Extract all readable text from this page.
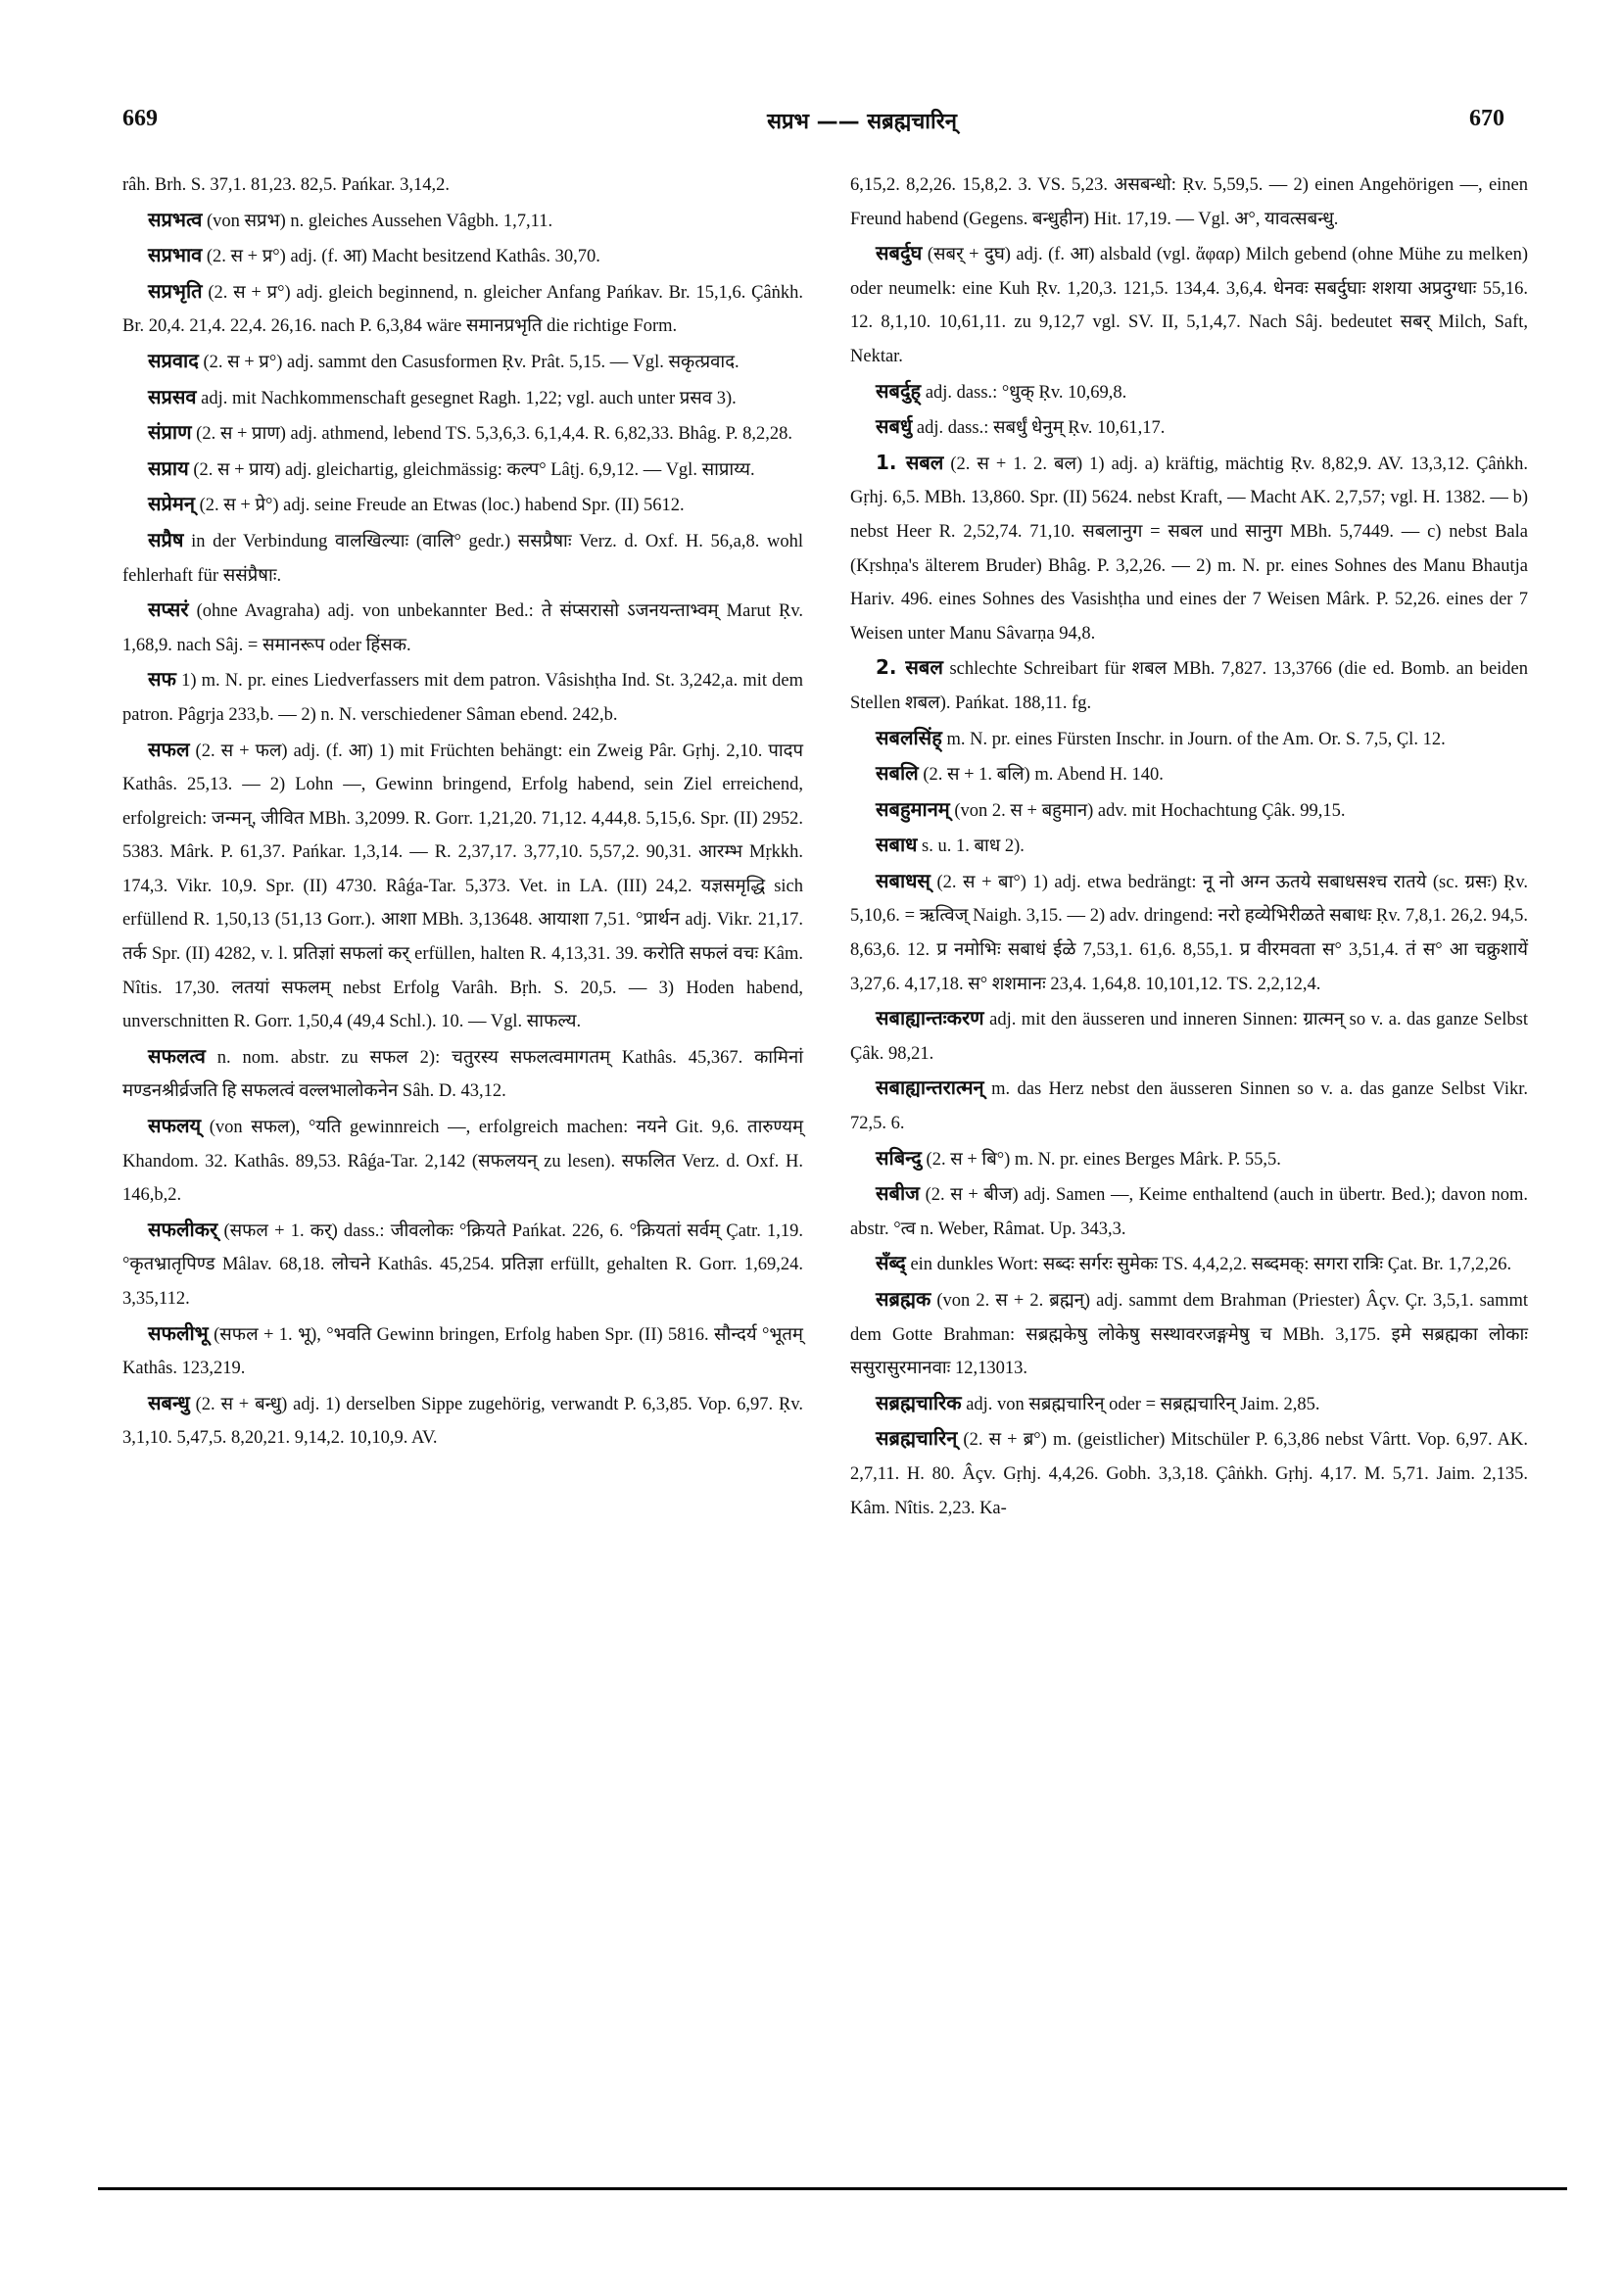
669	सप्रभ —— सब्रह्मचारिन्	670

râh. Brh. S. 37,1. 81,23. 82,5. Pańkar. 3,14,2.

सप्रभत्व (von सप्रभ) n. gleiches Aussehen Vâgbh. 1,7,11.

सप्रभाव (2. स + प्र°) adj. (f. आ) Macht besitzend Kathâs. 30,70.

सप्रभृति (2. स + प्र°) adj. gleich beginnend, n. gleicher Anfang Pańkav. Br. 15,1,6. Çâṅkh. Br. 20,4. 21,4. 22,4. 26,16. nach P. 6,3,84 wäre समानप्रभृति die richtige Form.

सप्रवाद (2. स + प्र°) adj. sammt den Casusformen Ṛv. Prât. 5,15. — Vgl. सकृत्प्रवाद.

सप्रसव adj. mit Nachkommenschaft gesegnet Ragh. 1,22; vgl. auch unter प्रसव 3).

संप्राण (2. स + प्राण) adj. athmend, lebend TS. 5,3,6,3. 6,1,4,4. R. 6,82,33. Bhâg. P. 8,2,28.

सप्राय (2. स + प्राय) adj. gleichartig, gleichmässig: कल्प° Lâṭj. 6,9,12. — Vgl. साप्राय्य.

सप्रेमन् (2. स + प्रे°) adj. seine Freude an Etwas (loc.) habend Spr. (II) 5612.

सप्रैष in der Verbindung वालखिल्याः (वालि° gedr.) ससप्रैषाः Verz. d. Oxf. H. 56,a,8. wohl fehlerhaft für ससंप्रैषाः.

सप्सरं (ohne Avagraha) adj. von unbekannter Bed.: ते संप्सरासो ऽजनयन्ताभ्वम् Marut Ṛv. 1,68,9. nach Sâj. = समानरूप oder हिंसक.

सफ 1) m. N. pr. eines Liedverfassers mit dem patron. Vâsishṭha Ind. St. 3,242,a. mit dem patron. Pâgrja 233,b. — 2) n. N. verschiedener Sâman ebend. 242,b.

सफल (2. स + फल) adj. (f. आ) 1) mit Früchten behängt: ein Zweig Pâr. Gṛhj. 2,10. पादप Kathâs. 25,13. — 2) Lohn —, Gewinn bringend, Erfolg habend, sein Ziel erreichend, erfolgreich: जन्मन्, जीवित MBh. 3,2099. R. Gorr. 1,21,20. 71,12. 4,44,8. 5,15,6. Spr. (II) 2952. 5383. Mârk. P. 61,37. Pańkar. 1,3,14. — R. 2,37,17. 3,77,10. 5,57,2. 90,31. आरम्भ Mṛkkh. 174,3. Vikr. 10,9. Spr. (II) 4730. Râǵa-Tar. 5,373. Vet. in LA. (III) 24,2. यज्ञसमृद्धि sich erfüllend R. 1,50,13 (51,13 Gorr.). आशा MBh. 3,13648. आयाशा 7,51. °प्रार्थन adj. Vikr. 21,17. तर्क Spr. (II) 4282, v. l. प्रतिज्ञां सफलां कर् erfüllen, halten R. 4,13,31. 39. करोति सफलं वचः Kâm. Nîtis. 17,30. लतयां सफलम् nebst Erfolg Varâh. Bṛh. S. 20,5. — 3) Hoden habend, unverschnitten R. Gorr. 1,50,4 (49,4 Schl.). 10. — Vgl. साफल्य.

सफलत्व n. nom. abstr. zu सफल 2): चतुरस्य सफलत्वमागतम् Kathâs. 45,367. कामिनां मण्डनश्रीर्व्रजति हि सफलत्वं वल्लभालोकनेन Sâh. D. 43,12.

सफलय् (von सफल), °यति gewinnreich —, erfolgreich machen: नयने Git. 9,6. तारुण्यम् Khandom. 32. Kathâs. 89,53. Râǵa-Tar. 2,142 (सफलयन् zu lesen). सफलित Verz. d. Oxf. H. 146,b,2.

सफलीकर् (सफल + 1. कर्) dass.: जीवलोकः °क्रियते Pańkat. 226, 6. °क्रियतां सर्वम् Çatr. 1,19. °कृतभ्रातृपिण्ड Mâlav. 68,18. लोचने Kathâs. 45,254. प्रतिज्ञा erfüllt, gehalten R. Gorr. 1,69,24. 3,35,112.

सफलीभू (सफल + 1. भू), °भवति Gewinn bringen, Erfolg haben Spr. (II) 5816. सौन्दर्य °भूतम् Kathâs. 123,219.

सबन्धु (2. स + बन्धु) adj. 1) derselben Sippe zugehörig, verwandt P. 6,3,85. Vop. 6,97. Ṛv. 3,1,10. 5,47,5. 8,20,21. 9,14,2. 10,10,9. AV.

6,15,2. 8,2,26. 15,8,2. 3. VS. 5,23. असबन्धो: Ṛv. 5,59,5. — 2) einen Angehörigen —, einen Freund habend (Gegens. बन्धुहीन) Hit. 17,19. — Vgl. अ°, यावत्सबन्धु.

सबर्दुघ (सबर् + दुघ) adj. (f. आ) alsbald (vgl. ἄφαρ) Milch gebend (ohne Mühe zu melken) oder neumelk: eine Kuh Ṛv. 1,20,3. 121,5. 134,4. 3,6,4. धेनवः सबर्दुघाः शशया अप्रदुग्धाः 55,16. 12. 8,1,10. 10,61,11. zu 9,12,7 vgl. SV. II, 5,1,4,7. Nach Sâj. bedeutet सबर् Milch, Saft, Nektar.

सबर्दुह् adj. dass.: °धुक् Ṛv. 10,69,8.

सबर्धु adj. dass.: सबर्धुं धेनुम् Ṛv. 10,61,17.

1. सबल (2. स + 1. 2. बल) 1) adj. a) kräftig, mächtig Ṛv. 8,82,9. AV. 13,3,12. Çâṅkh. Gṛhj. 6,5. MBh. 13,860. Spr. (II) 5624. nebst Kraft, — Macht AK. 2,7,57; vgl. H. 1382. — b) nebst Heer R. 2,52,74. 71,10. सबलानुग = सबल und सानुग MBh. 5,7449. — c) nebst Bala (Kṛshṇa's älterem Bruder) Bhâg. P. 3,2,26. — 2) m. N. pr. eines Sohnes des Manu Bhautja Hariv. 496. eines Sohnes des Vasishṭha und eines der 7 Weisen Mârk. P. 52,26. eines der 7 Weisen unter Manu Sâvarṇa 94,8.

2. सबल schlechte Schreibart für शबल MBh. 7,827. 13,3766 (die ed. Bomb. an beiden Stellen शबल). Pańkat. 188,11. fg.

सबलसिंह् m. N. pr. eines Fürsten Inschr. in Journ. of the Am. Or. S. 7,5, Çl. 12.

सबलि (2. स + 1. बलि) m. Abend H. 140.

सबहुमानम् (von 2. स + बहुमान) adv. mit Hochachtung Çâk. 99,15.

सबाध s. u. 1. बाध 2).

सबाधस् (2. स + बा°) 1) adj. etwa bedrängt: नू नो अग्न ऊतये सबाधसश्च रातये (sc. ग्रसः) Ṛv. 5,10,6. = ऋत्विज् Naigh. 3,15. — 2) adv. dringend: नरो हव्येभिरीळते सबाधः Ṛv. 7,8,1. 26,2. 94,5. 8,63,6. 12. प्र नमोभिः सबाधं ईळे 7,53,1. 61,6. 8,55,1. प्र वीरमवता स° 3,51,4. तं स° आ चक्रुशायें 3,27,6. 4,17,18. स° शशमानः 23,4. 1,64,8. 10,101,12. TS. 2,2,12,4.

सबाह्यान्तःकरण adj. mit den äusseren und inneren Sinnen: ग्रात्मन् so v. a. das ganze Selbst Çâk. 98,21.

सबाह्यान्तरात्मन् m. das Herz nebst den äusseren Sinnen so v. a. das ganze Selbst Vikr. 72,5. 6.

सबिन्दु (2. स + बि°) m. N. pr. eines Berges Mârk. P. 55,5.

सबीज (2. स + बीज) adj. Samen —, Keime enthaltend (auch in übertr. Bed.); davon nom. abstr. °त्व n. Weber, Râmat. Up. 343,3.

सँब्द् ein dunkles Wort: सब्दः सर्गरः सुमेकः TS. 4,4,2,2. सब्दमक्: सगरा रात्रिः Çat. Br. 1,7,2,26.

सब्रह्मक (von 2. स + 2. ब्रह्मन्) adj. sammt dem Brahman (Priester) Âçv. Çr. 3,5,1. sammt dem Gotte Brahman: सब्रह्मकेषु लोकेषु सस्थावरजङ्गमेषु च MBh. 3,175. इमे सब्रह्मका लोकाः ससुरासुरमानवाः 12,13013.

सब्रह्मचारिक adj. von सब्रह्मचारिन् oder = सब्रह्मचारिन् Jaim. 2,85.

सब्रह्मचारिन् (2. स + ब्र°) m. (geistlicher) Mitschüler P. 6,3,86 nebst Vârtt. Vop. 6,97. AK. 2,7,11. H. 80. Âçv. Gṛhj. 4,4,26. Gobh. 3,3,18. Çâṅkh. Gṛhj. 4,17. M. 5,71. Jaim. 2,135. Kâm. Nîtis. 2,23. Ka-
